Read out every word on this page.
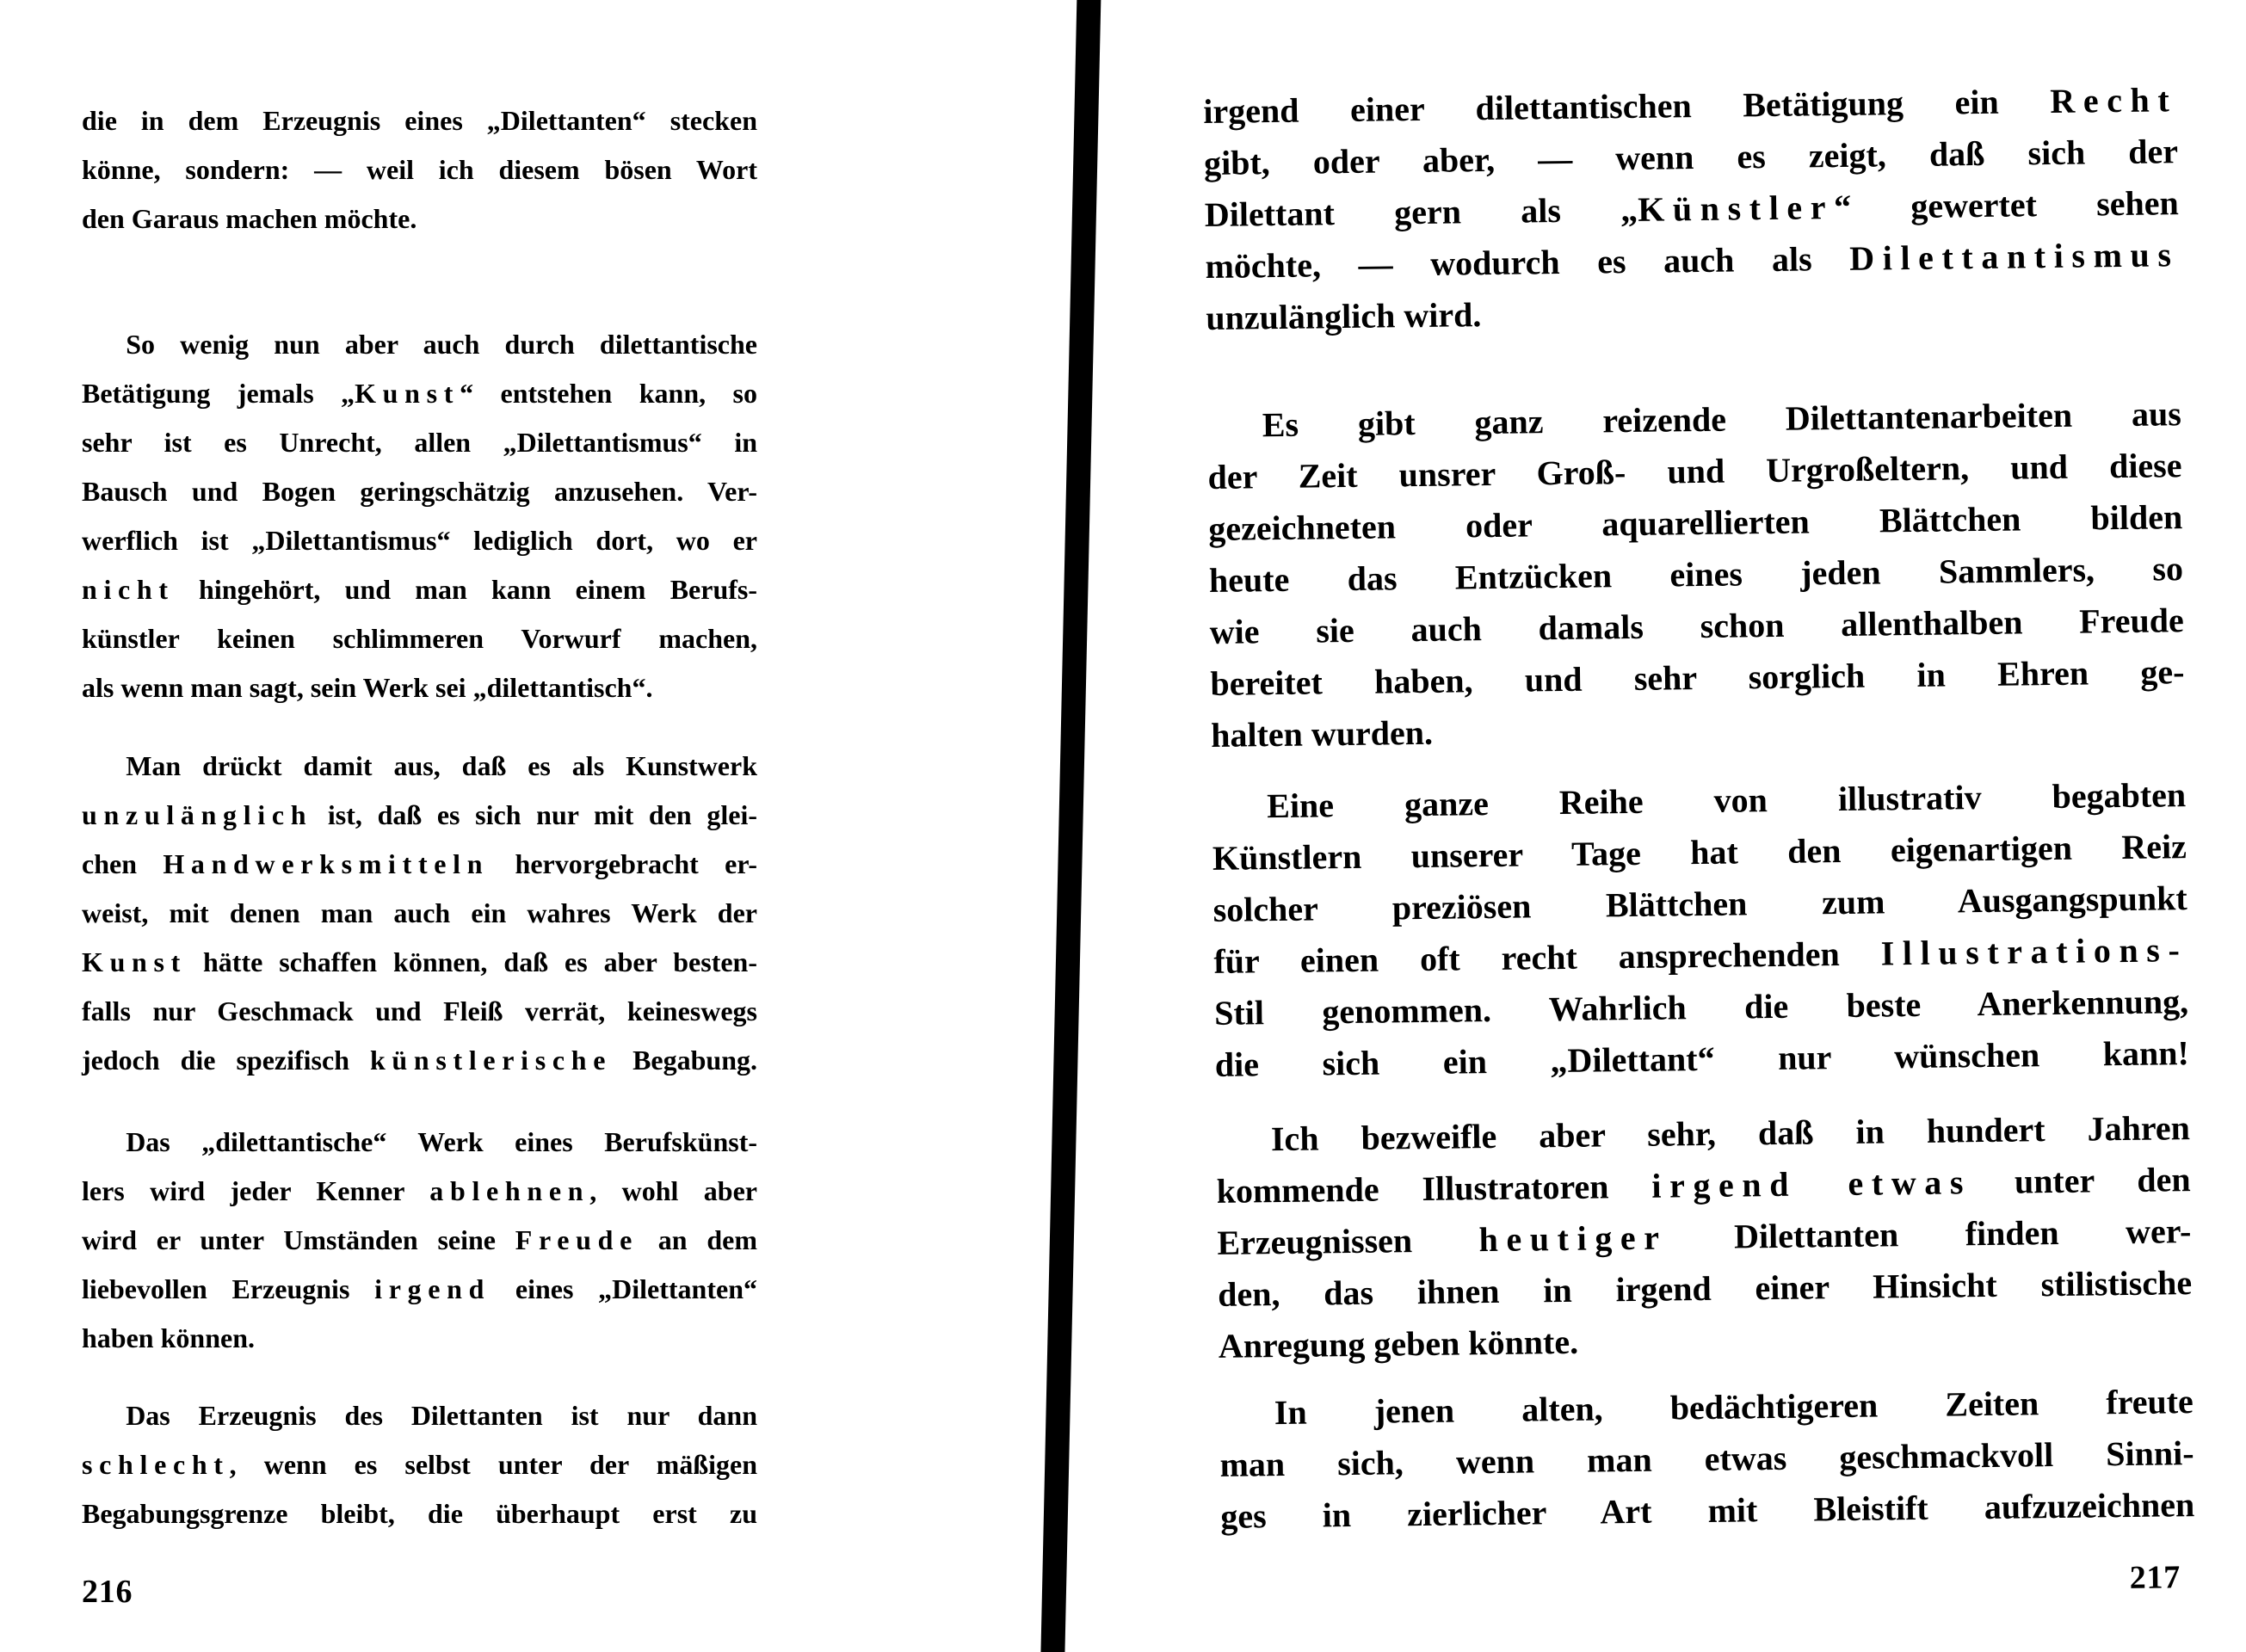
die in dem Erzeugnis eines „Dilettanten“ stecken
könne, sondern: — weil ich diesem bösen Wort
den Garaus machen möchte.
So wenig nun aber auch durch dilettantische
Betätigung jemals „Kunst“ entstehen kann, so
sehr ist es Unrecht, allen „Dilettantismus“ in
Bausch und Bogen geringschätzig anzusehen. Ver-
werflich ist „Dilettantismus“ lediglich dort, wo er
nicht hingehört, und man kann einem Berufs-
künstler keinen schlimmeren Vorwurf machen,
als wenn man sagt, sein Werk sei „dilettantisch“.
Man drückt damit aus, daß es als Kunstwerk
unzulänglich ist, daß es sich nur mit den glei-
chen Handwerksmitteln hervorgebracht er-
weist, mit denen man auch ein wahres Werk der
Kunst hätte schaffen können, daß es aber besten-
falls nur Geschmack und Fleiß verrät, keineswegs
jedoch die spezifisch künstlerische Begabung.
Das „dilettantische“ Werk eines Berufskünst-
lers wird jeder Kenner ablehnen, wohl aber
wird er unter Umständen seine Freude an dem
liebevollen Erzeugnis irgend eines „Dilettanten“
haben können.
Das Erzeugnis des Dilettanten ist nur dann
schlecht, wenn es selbst unter der mäßigen
Begabungsgrenze bleibt, die überhaupt erst zu
irgend einer dilettantischen Betätigung ein Recht
gibt, oder aber, — wenn es zeigt, daß sich der
Dilettant gern als „Künstler“ gewertet sehen
möchte, — wodurch es auch als Dilettantismus
unzulänglich wird.
Es gibt ganz reizende Dilettantenarbeiten aus
der Zeit unsrer Groß- und Urgroßeltern, und diese
gezeichneten oder aquarellierten Blättchen bilden
heute das Entzücken eines jeden Sammlers, so
wie sie auch damals schon allenthalben Freude
bereitet haben, und sehr sorglich in Ehren ge-
halten wurden.
Eine ganze Reihe von illustrativ begabten
Künstlern unserer Tage hat den eigenartigen Reiz
solcher preziösen Blättchen zum Ausgangspunkt
für einen oft recht ansprechenden Illustrations-
Stil genommen. Wahrlich die beste Anerkennung,
die sich ein „Dilettant“ nur wünschen kann!
Ich bezweifle aber sehr, daß in hundert Jahren
kommende Illustratoren irgend etwas unter den
Erzeugnissen heutiger Dilettanten finden wer-
den, das ihnen in irgend einer Hinsicht stilistische
Anregung geben könnte.
In jenen alten, bedächtigeren Zeiten freute
man sich, wenn man etwas geschmackvoll Sinni-
ges in zierlicher Art mit Bleistift aufzuzeichnen
216	217
